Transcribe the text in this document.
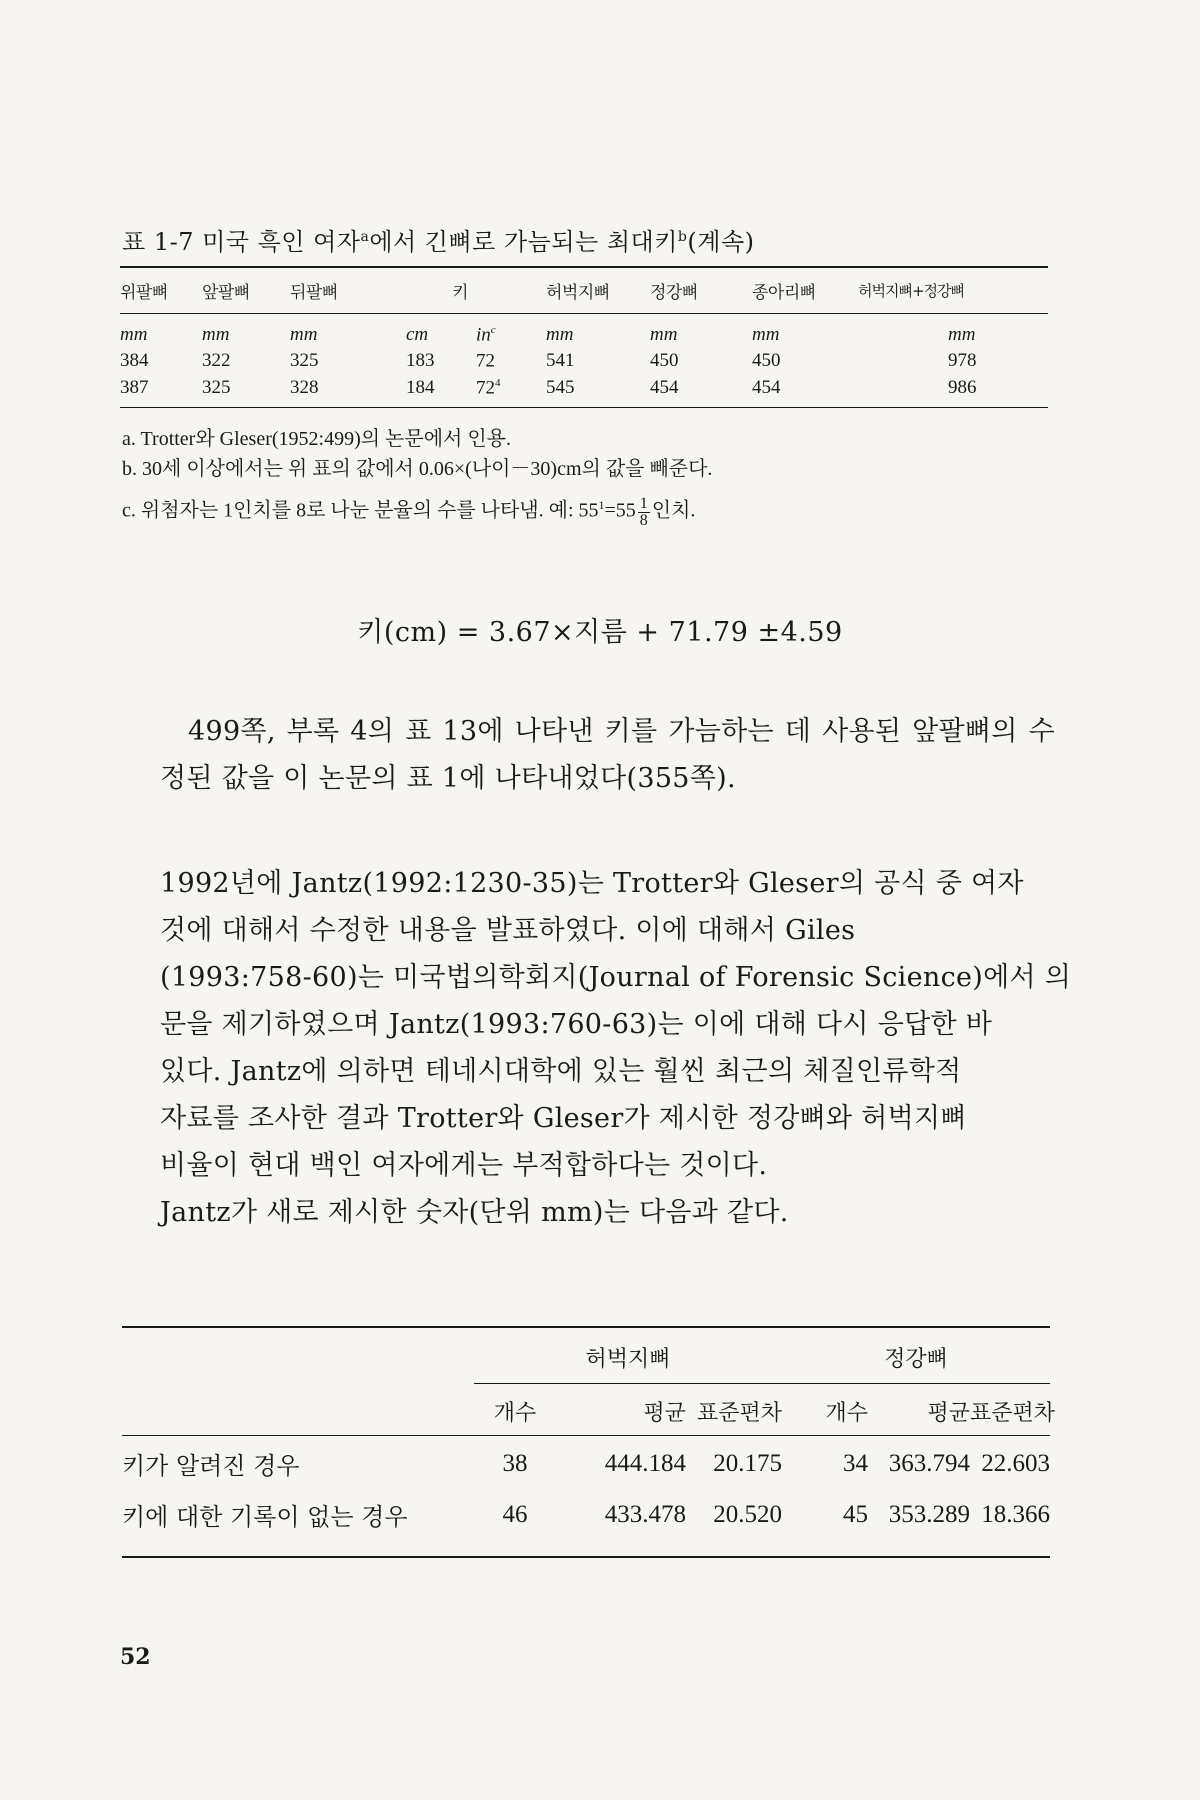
표 1-7 미국 흑인 여자$^a$에서 긴뼈로 가늠되는 최대키$^b$(계속)
위팔뼈	앞팔뼈	뒤팔뼈	키		허벅지뼈	정강뼈	종아리뼈	허벅지뼈+정강뼈
mm	mm	mm	cm	$in^c$	mm	mm	mm	mm
384	322	325	183	72	541	450	450	978
387	325	328	184	$72^4$	545	454	454	986
a. Trotter와 Gleser(1952:499)의 논문에서 인용.
b. 30세 이상에서는 위 표의 값에서 0.06×(나이－30)cm의 값을 빼준다.
c. 위첨자는 1인치를 8로 나눈 분율의 수를 나타냄. 예: $55^1=55 \frac{1}{8}$ 인치.
키(cm) = 3.67×지름 + 71.79 ±4.59

499쪽, 부록 4의 표 13에 나타낸 키를 가늠하는 데 사용된 앞팔뼈의 수정된 값을 이 논문의 표 1에 나타내었다(355쪽).

1992년에 Jantz(1992:1230-35)는 Trotter와 Gleser의 공식 중 여자
것에 대해서 수정한 내용을 발표하였다. 이에 대해서 Giles
(1993:758-60)는 미국법의학회지(Journal of Forensic Science)에서 의
문을 제기하였으며 Jantz(1993:760-63)는 이에 대해 다시 응답한 바
있다. Jantz에 의하면 테네시대학에 있는 훨씬 최근의 체질인류학적
자료를 조사한 결과 Trotter와 Gleser가 제시한 정강뼈와 허벅지뼈
비율이 현대 백인 여자에게는 부적합하다는 것이다.
Jantz가 새로 제시한 숫자(단위 mm)는 다음과 같다.
	허벅지뼈			정강뼈		
	개수	평균	표준편차	개수	평균	표준편차
키가 알려진 경우	38	444.184	20.175	34	363.794	22.603
키에 대한 기록이 없는 경우	46	433.478	20.520	45	353.289	18.366
52
